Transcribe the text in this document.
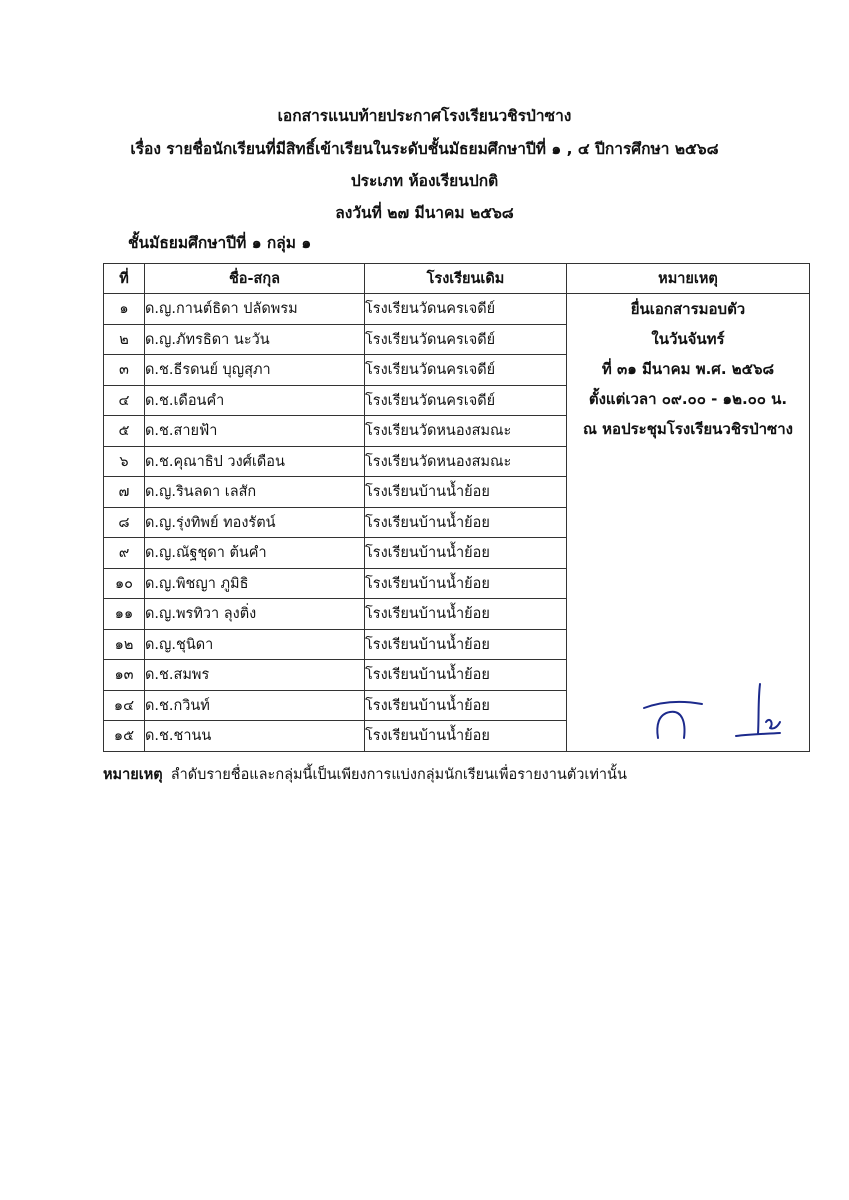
เอกสารแนบท้ายประกาศโรงเรียนวชิรป่าซาง
เรื่อง รายชื่อนักเรียนที่มีสิทธิ์เข้าเรียนในระดับชั้นมัธยมศึกษาปีที่ ๑ , ๔ ปีการศึกษา ๒๕๖๘
ประเภท ห้องเรียนปกติ
ลงวันที่ ๒๗ มีนาคม ๒๕๖๘
ชั้นมัธยมศึกษาปีที่ ๑ กลุ่ม ๑
ที่	ชื่อ-สกุล	โรงเรียนเดิม	หมายเหตุ
๑	ด.ญ.กานต์ธิดา ปลัดพรม	โรงเรียนวัดนครเจดีย์	ยื่นเอกสารมอบตัว
ในวันจันทร์
ที่ ๓๑ มีนาคม พ.ศ. ๒๕๖๘
ตั้งแต่เวลา ๐๙.๐๐ - ๑๒.๐๐ น.
ณ หอประชุมโรงเรียนวชิรป่าซาง

๒	ด.ญ.ภัทรธิดา นะวัน	โรงเรียนวัดนครเจดีย์	
๓	ด.ช.ธีรดนย์ บุญสุภา	โรงเรียนวัดนครเจดีย์	
๔	ด.ช.เดือนคำ	โรงเรียนวัดนครเจดีย์	
๕	ด.ช.สายฟ้า	โรงเรียนวัดหนองสมณะ	
๖	ด.ช.คุณาธิป วงศ์เดือน	โรงเรียนวัดหนองสมณะ	
๗	ด.ญ.รินลดา เลสัก	โรงเรียนบ้านน้ำย้อย	
๘	ด.ญ.รุ่งทิพย์ ทองรัตน์	โรงเรียนบ้านน้ำย้อย	
๙	ด.ญ.ณัฐชุดา ต้นคำ	โรงเรียนบ้านน้ำย้อย	
๑๐	ด.ญ.พิชญา ภูมิธิ	โรงเรียนบ้านน้ำย้อย	
๑๑	ด.ญ.พรทิวา ลุงติ่ง	โรงเรียนบ้านน้ำย้อย	
๑๒	ด.ญ.ชุนิดา	โรงเรียนบ้านน้ำย้อย	
๑๓	ด.ช.สมพร	โรงเรียนบ้านน้ำย้อย	
๑๔	ด.ช.กวินท์	โรงเรียนบ้านน้ำย้อย	
๑๕	ด.ช.ชานน	โรงเรียนบ้านน้ำย้อย	
หมายเหตุ ลำดับรายชื่อและกลุ่มนี้เป็นเพียงการแบ่งกลุ่มนักเรียนเพื่อรายงานตัวเท่านั้น
